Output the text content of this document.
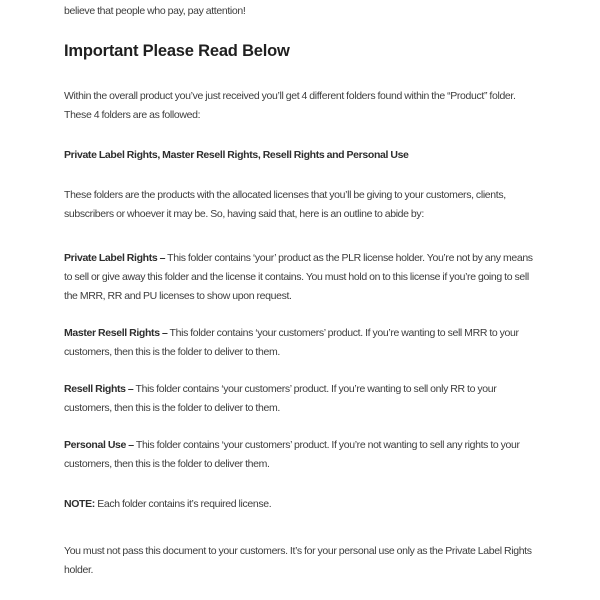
believe that people who pay, pay attention!

Important Please Read Below

Within the overall product you’ve just received you’ll get 4 different folders found within the “Product” folder. These 4 folders are as followed:

Private Label Rights, Master Resell Rights, Resell Rights and Personal Use

These folders are the products with the allocated licenses that you’ll be giving to your customers, clients, subscribers or whoever it may be. So, having said that, here is an outline to abide by:

Private Label Rights – This folder contains ‘your’ product as the PLR license holder. You’re not by any means to sell or give away this folder and the license it contains. You must hold on to this license if you’re going to sell the MRR, RR and PU licenses to show upon request.

Master Resell Rights – This folder contains ‘your customers’ product. If you’re wanting to sell MRR to your customers, then this is the folder to deliver to them.

Resell Rights – This folder contains ‘your customers’ product. If you’re wanting to sell only RR to your customers, then this is the folder to deliver to them.

Personal Use – This folder contains ‘your customers’ product. If you’re not wanting to sell any rights to your customers, then this is the folder to deliver them.

NOTE: Each folder contains it’s required license.

You must not pass this document to your customers. It’s for your personal use only as the Private Label Rights holder.
